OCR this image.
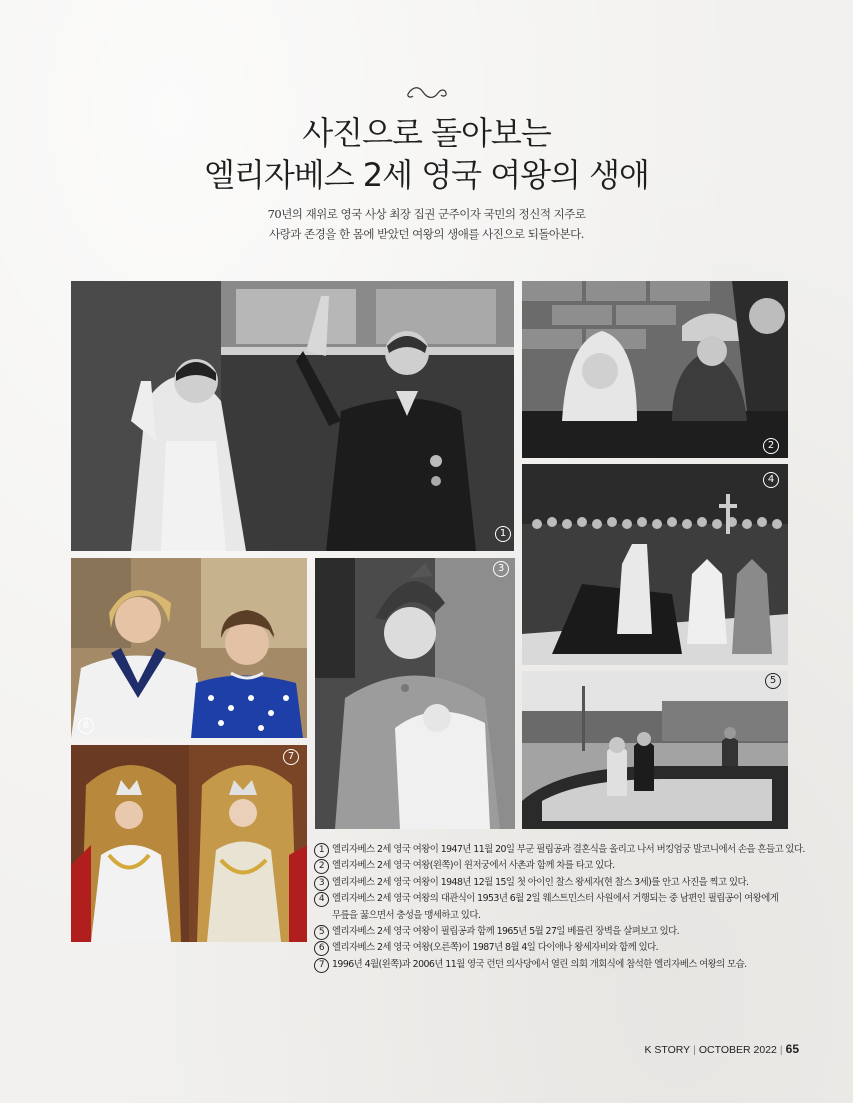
사진으로 돌아보는
엘리자베스 2세 영국 여왕의 생애
70년의 재위로 영국 사상 최장 집권 군주이자 국민의 정신적 지주로
사랑과 존경을 한 몸에 받았던 여왕의 생애를 사진으로 되돌아본다.
1
2
4
5
3
6
7
1 엘리자베스 2세 영국 여왕이 1947년 11월 20일 부군 필립공과 결혼식을 올리고 나서 버킹엄궁 발코니에서 손을 흔들고 있다.
2 엘리자베스 2세 영국 여왕(왼쪽)이 윈저궁에서 사촌과 함께 차를 타고 있다.
3 엘리자베스 2세 영국 여왕이 1948년 12월 15일 첫 아이인 찰스 왕세자(현 찰스 3세)를 안고 사진을 찍고 있다.
4 엘리자베스 2세 영국 여왕의 대관식이 1953년 6월 2일 웨스트민스터 사원에서 거행되는 중 남편인 필립공이 여왕에게
무릎을 꿇으면서 충성을 맹세하고 있다.
5 엘리자베스 2세 영국 여왕이 필립공과 함께 1965년 5월 27일 베를린 장벽을 살펴보고 있다.
6 엘리자베스 2세 영국 여왕(오른쪽)이 1987년 8월 4일 다이애나 왕세자비와 함께 있다.
7 1996년 4월(왼쪽)과 2006년 11월 영국 런던 의사당에서 열린 의회 개회식에 참석한 엘리자베스 여왕의 모습.
K STORY | OCTOBER 2022 | 65
